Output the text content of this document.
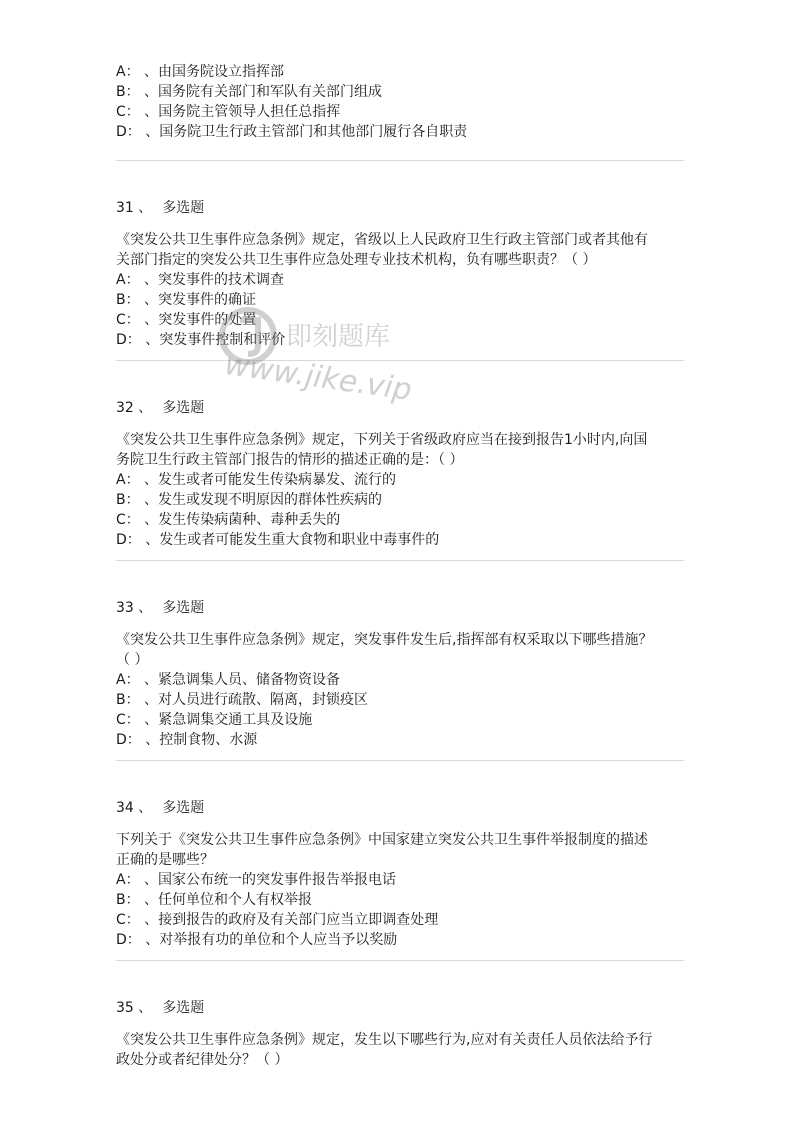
A： 、由国务院设立指挥部
B： 、国务院有关部门和军队有关部门组成
C： 、国务院主管领导人担任总指挥
D： 、国务院卫生行政主管部门和其他部门履行各自职责
31 、 多选题
《突发公共卫生事件应急条例》规定，省级以上人民政府卫生行政主管部门或者其他有
关部门指定的突发公共卫生事件应急处理专业技术机构，负有哪些职责？（ ）
A： 、突发事件的技术调查
B： 、突发事件的确证
C： 、突发事件的处置
D： 、突发事件控制和评价
32 、 多选题
《突发公共卫生事件应急条例》规定，下列关于省级政府应当在接到报告1小时内,向国
务院卫生行政主管部门报告的情形的描述正确的是：（ ）
A： 、发生或者可能发生传染病暴发、流行的
B： 、发生或发现不明原因的群体性疾病的
C： 、发生传染病菌种、毒种丢失的
D： 、发生或者可能发生重大食物和职业中毒事件的
33 、 多选题
《突发公共卫生事件应急条例》规定，突发事件发生后,指挥部有权采取以下哪些措施？
（ ）
A： 、紧急调集人员、储备物资设备
B： 、对人员进行疏散、隔离，封锁疫区
C： 、紧急调集交通工具及设施
D： 、控制食物、水源
34 、 多选题
下列关于《突发公共卫生事件应急条例》中国家建立突发公共卫生事件举报制度的描述
正确的是哪些？
A： 、国家公布统一的突发事件报告举报电话
B： 、任何单位和个人有权举报
C： 、接到报告的政府及有关部门应当立即调查处理
D： 、对举报有功的单位和个人应当予以奖励
35 、 多选题
《突发公共卫生事件应急条例》规定，发生以下哪些行为,应对有关责任人员依法给予行
政处分或者纪律处分？（ ）
即刻题库
www.jike.vip
